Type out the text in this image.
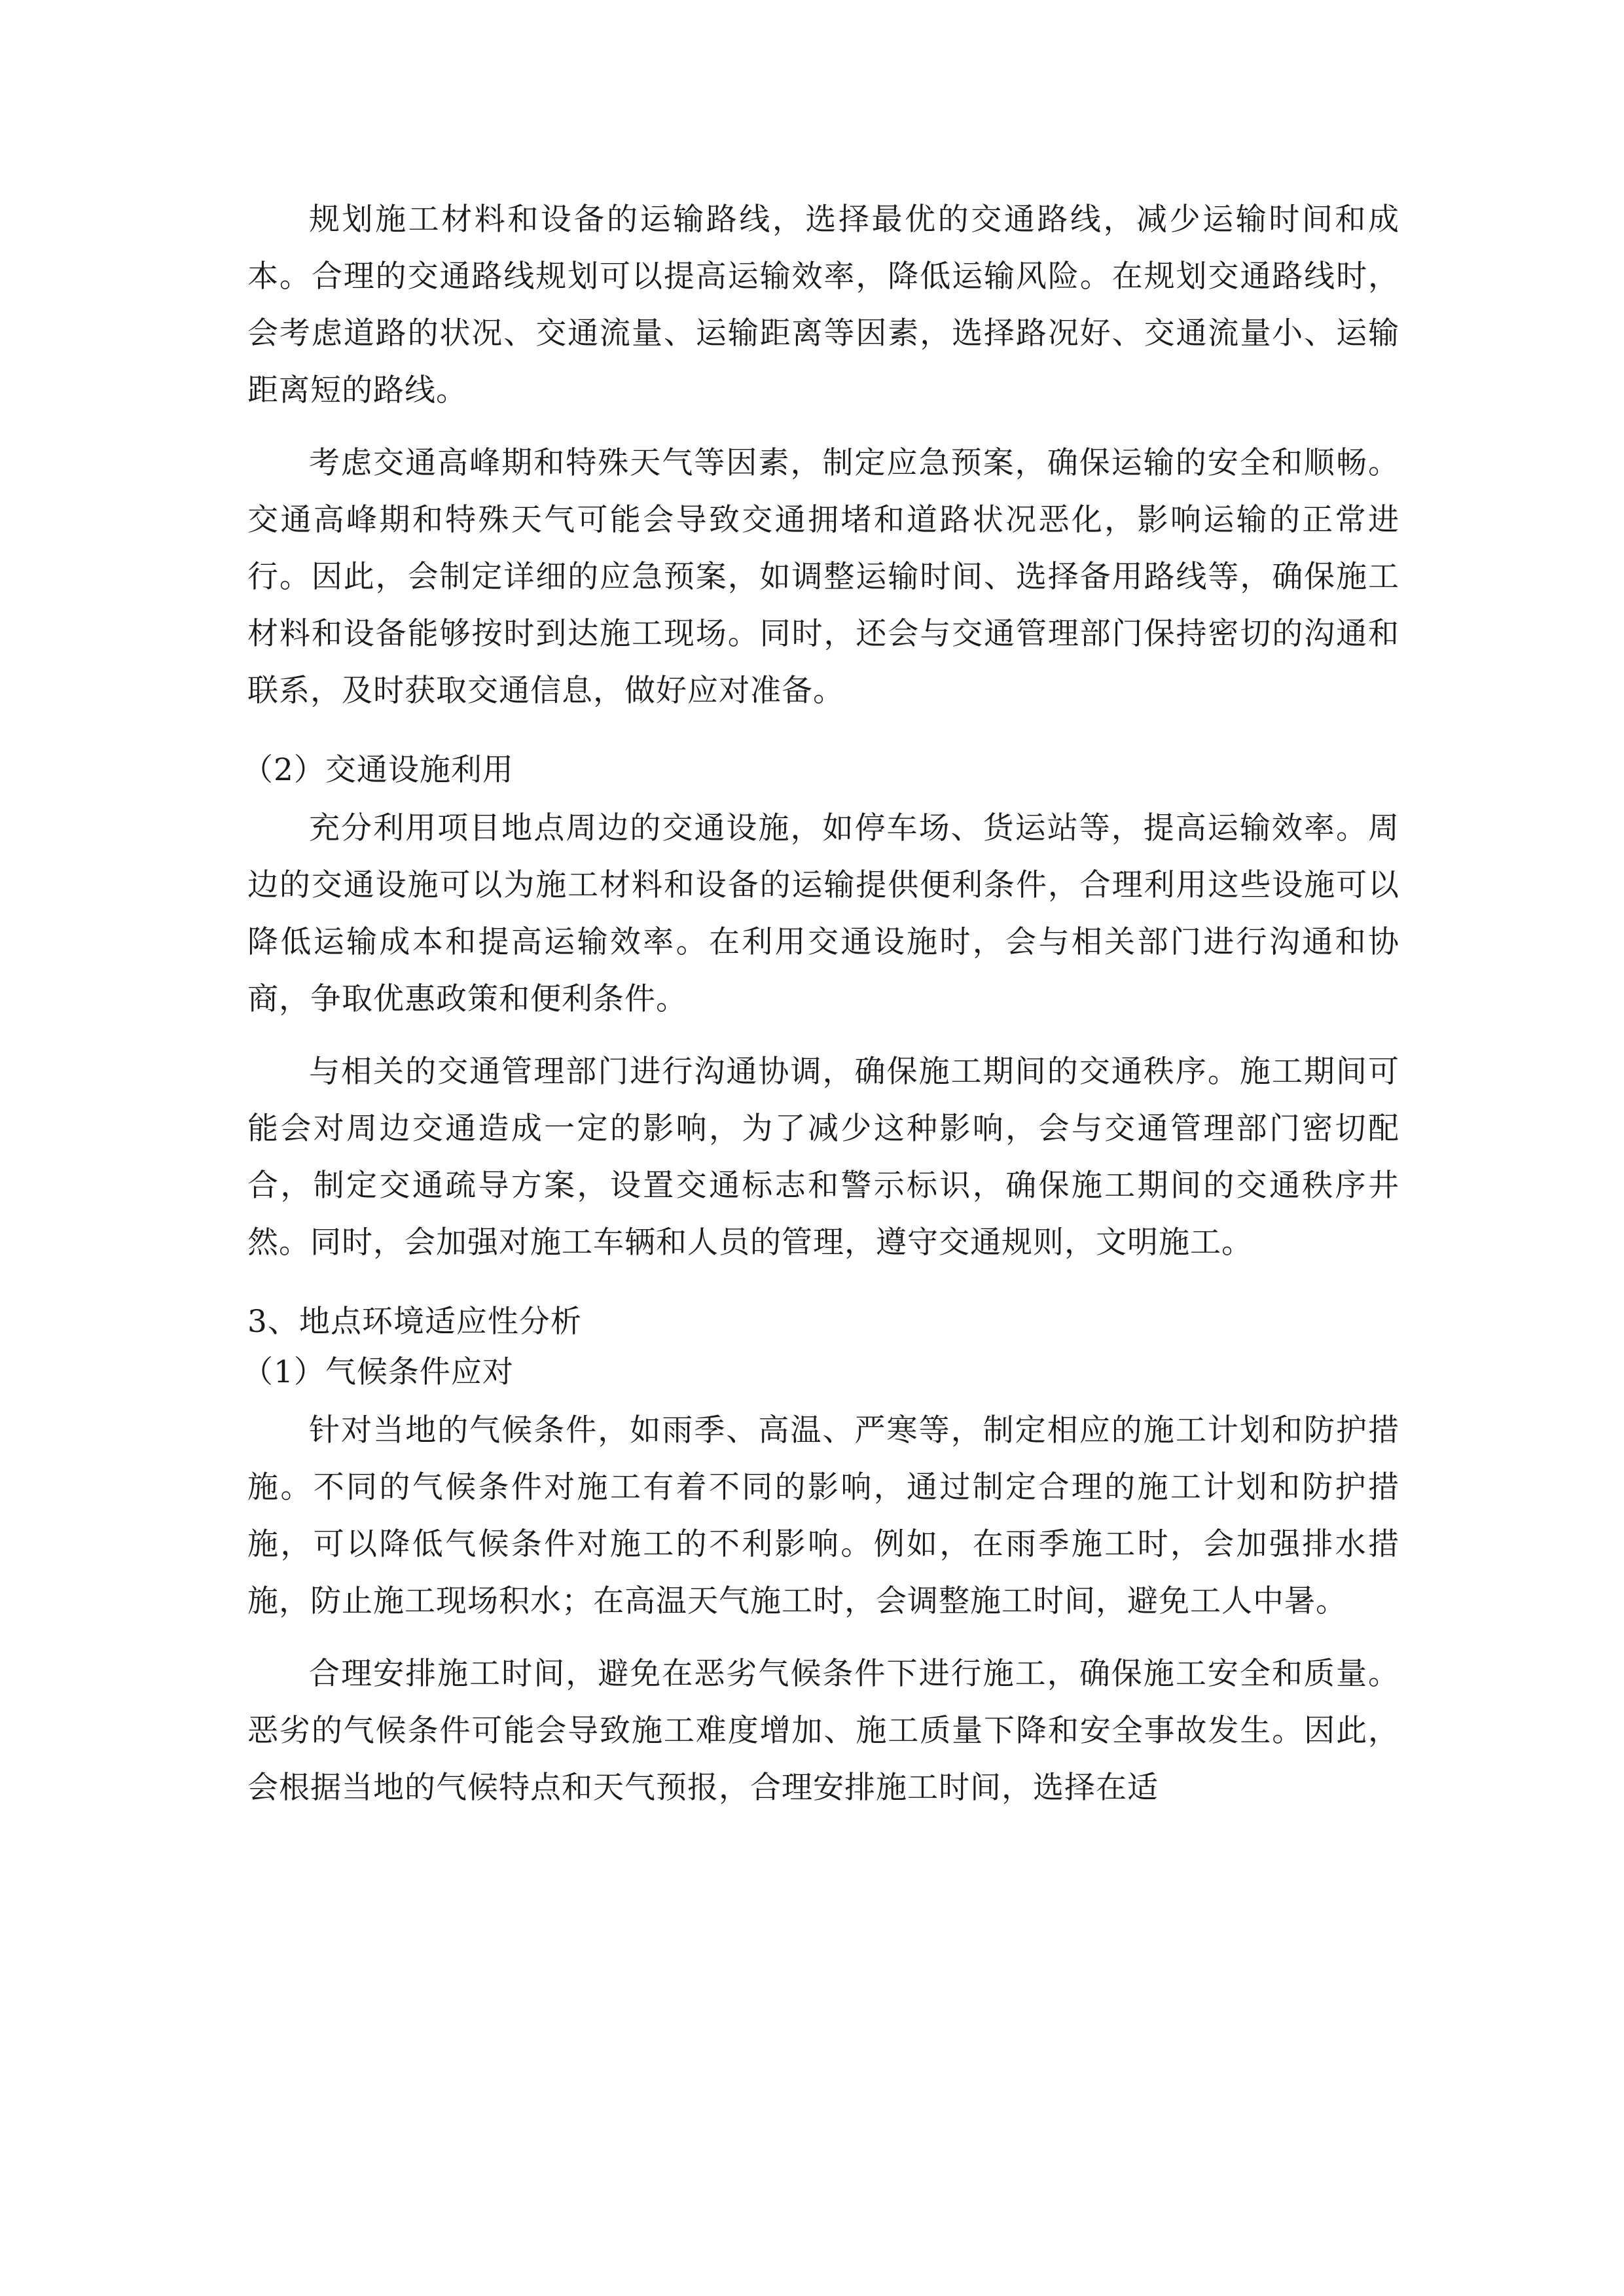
规划施工材料和设备的运输路线，选择最优的交通路线，减少运输时间和成本。合理的交通路线规划可以提高运输效率，降低运输风险。在规划交通路线时，会考虑道路的状况、交通流量、运输距离等因素，选择路况好、交通流量小、运输距离短的路线。

考虑交通高峰期和特殊天气等因素，制定应急预案，确保运输的安全和顺畅。交通高峰期和特殊天气可能会导致交通拥堵和道路状况恶化，影响运输的正常进行。因此，会制定详细的应急预案，如调整运输时间、选择备用路线等，确保施工材料和设备能够按时到达施工现场。同时，还会与交通管理部门保持密切的沟通和联系，及时获取交通信息，做好应对准备。

（2）交通设施利用

充分利用项目地点周边的交通设施，如停车场、货运站等，提高运输效率。周边的交通设施可以为施工材料和设备的运输提供便利条件，合理利用这些设施可以降低运输成本和提高运输效率。在利用交通设施时，会与相关部门进行沟通和协商，争取优惠政策和便利条件。

与相关的交通管理部门进行沟通协调，确保施工期间的交通秩序。施工期间可能会对周边交通造成一定的影响，为了减少这种影响，会与交通管理部门密切配合，制定交通疏导方案，设置交通标志和警示标识，确保施工期间的交通秩序井然。同时，会加强对施工车辆和人员的管理，遵守交通规则，文明施工。

3、地点环境适应性分析

（1）气候条件应对

针对当地的气候条件，如雨季、高温、严寒等，制定相应的施工计划和防护措施。不同的气候条件对施工有着不同的影响，通过制定合理的施工计划和防护措施，可以降低气候条件对施工的不利影响。例如，在雨季施工时，会加强排水措施，防止施工现场积水；在高温天气施工时，会调整施工时间，避免工人中暑。

合理安排施工时间，避免在恶劣气候条件下进行施工，确保施工安全和质量。恶劣的气候条件可能会导致施工难度增加、施工质量下降和安全事故发生。因此，会根据当地的气候特点和天气预报，合理安排施工时间，选择在适
